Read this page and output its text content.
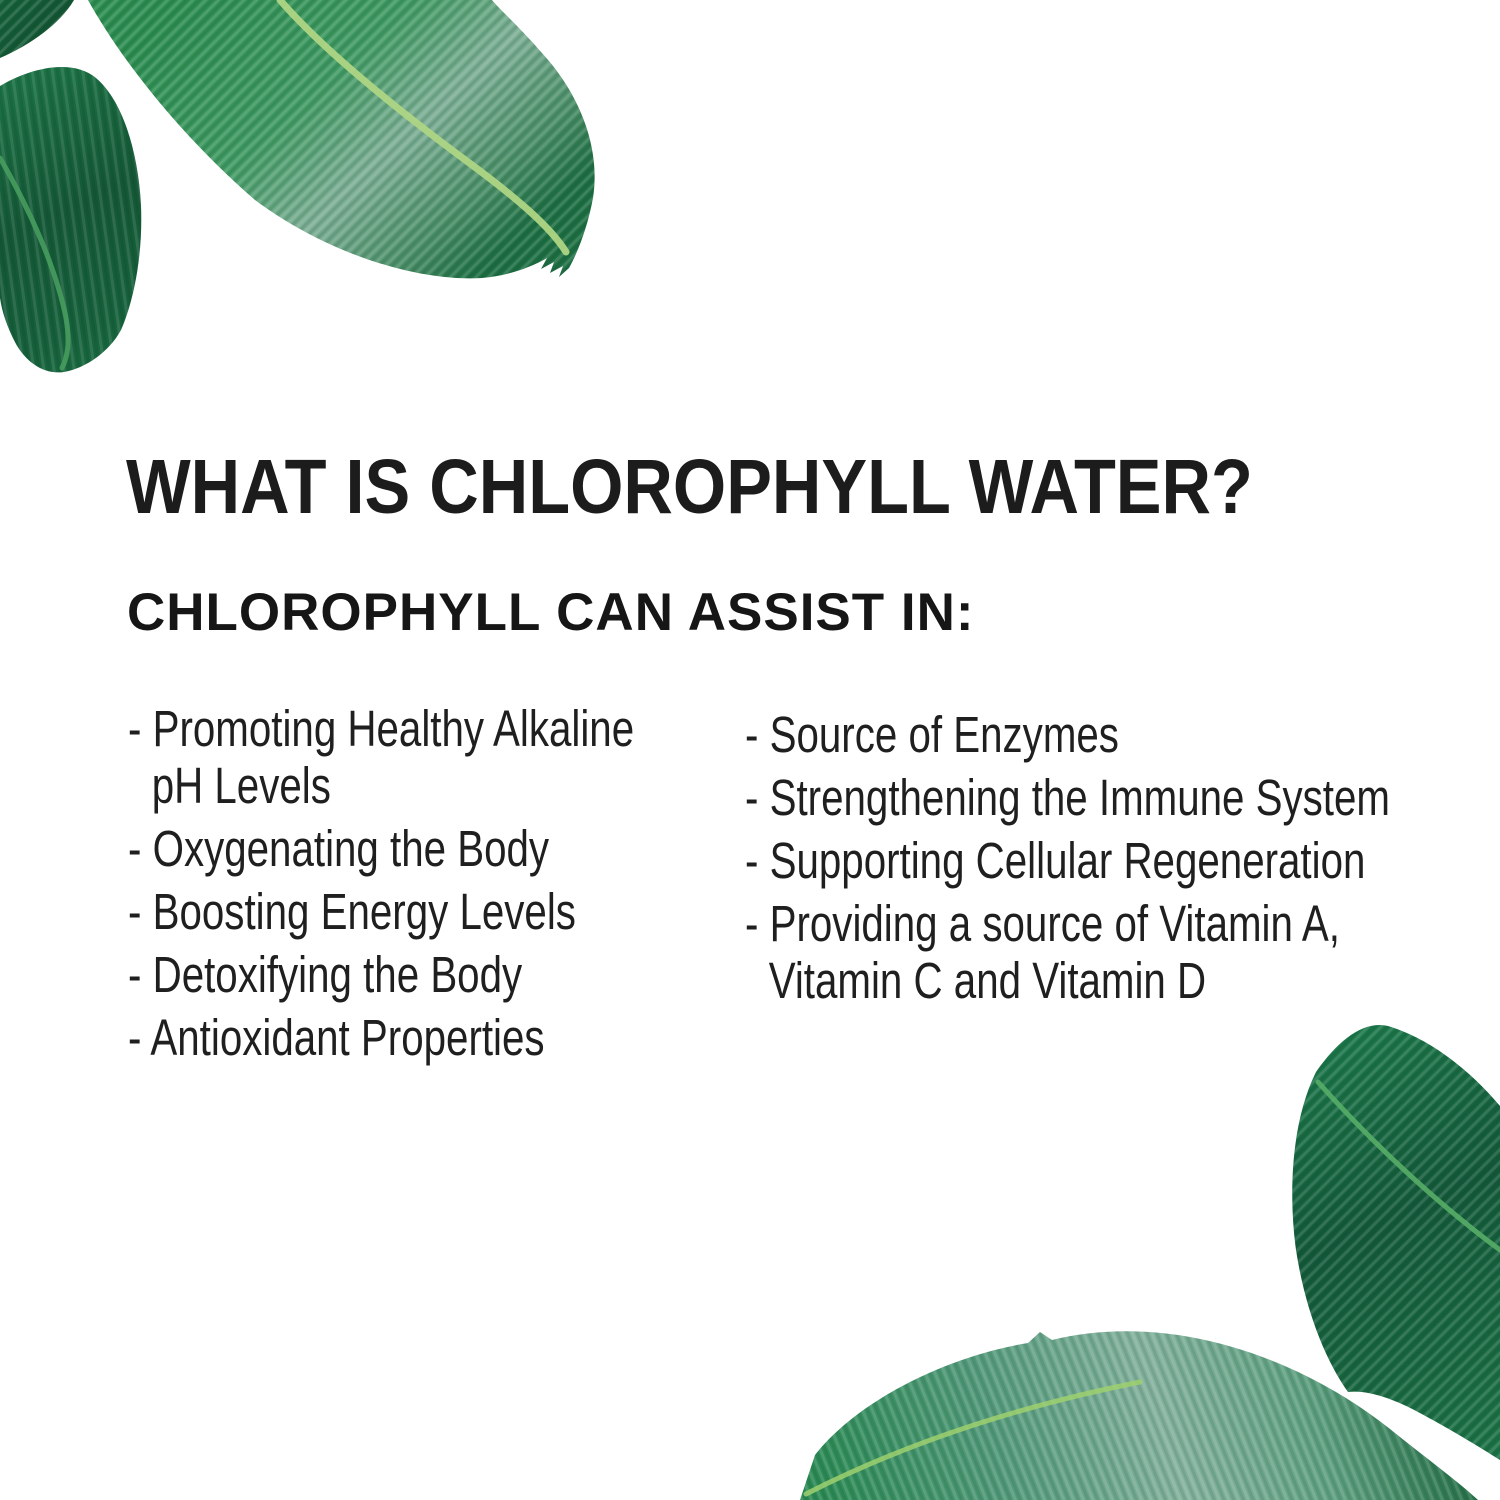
WHAT IS CHLOROPHYLL WATER?
CHLOROPHYLL CAN ASSIST IN:
- Promoting Healthy Alkaline pH Levels
- Oxygenating the Body
- Boosting Energy Levels
- Detoxifying the Body
- Antioxidant Properties
- Source of Enzymes
- Strengthening the Immune System
- Supporting Cellular Regeneration
- Providing a source of Vitamin A, Vitamin C and Vitamin D
